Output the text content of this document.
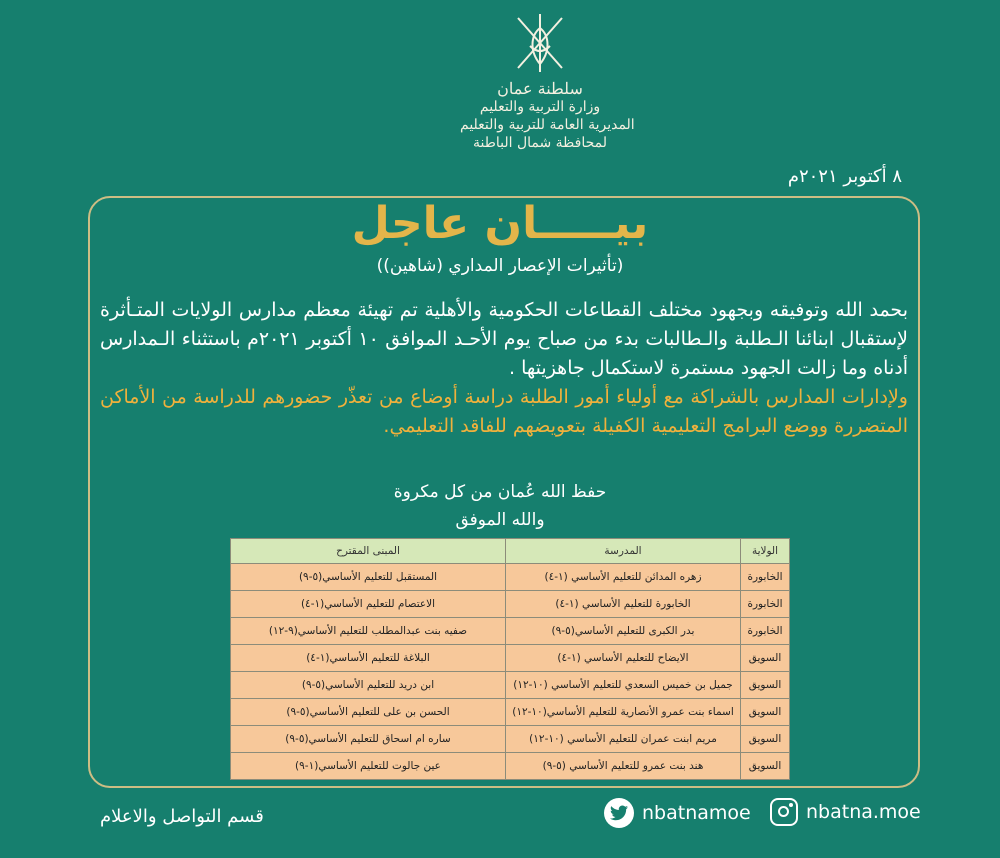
سلطنة عمان
وزارة التربية والتعليم
المديرية العامة للتربية والتعليم
لمحافظة شمال الباطنة
٨ أكتوبر ٢٠٢١م
بيـــــان عاجل
(تأثيرات الإعصار المداري (شاهين))

بحمد الله وتوفيقه وبجهود مختلف القطاعات الحكومية والأهلية تم تهيئة معظم مدارس الولايات المتـأثرة لإستقبال ابنائنا الـطلبة والـطالبات بدء من صباح يوم الأحـد الموافق ١٠ أكتوبر ٢٠٢١م باستثناء الـمدارس أدناه وما زالت الجهود مستمرة لاستكمال جاهزيتها .

ولإدارات المدارس بالشراكة مع أولياء أمور الطلبة دراسة أوضاع من تعذّر حضورهم للدراسة من الأماكن المتضررة ووضع البرامج التعليمية الكفيلة بتعويضهم للفاقد التعليمي.

حفظ الله عُمان من كل مكروة
والله الموفق
الولاية	المدرسة	المبنى المقترح
الخابورة	زهره المدائن للتعليم الأساسي (١-٤)	المستقبل للتعليم الأساسي(٥-٩)
الخابورة	الخابورة للتعليم الأساسي (١-٤)	الاعتصام للتعليم الأساسي(١-٤)
الخابورة	بدر الكبرى للتعليم الأساسي(٥-٩)	صفيه بنت عبدالمطلب للتعليم الأساسي(٩-١٢)
السويق	الايضاح للتعليم الأساسي (١-٤)	البلاغة للتعليم الأساسي(١-٤)
السويق	جميل بن خميس السعدي للتعليم الأساسي (١٠-١٢)	ابن دريد للتعليم الأساسي(٥-٩)
السويق	اسماء بنت عمرو الأنصارية للتعليم الأساسي(١٠-١٢)	الحسن بن على للتعليم الأساسي(٥-٩)
السويق	مريم ابنت عمران للتعليم الأساسي (١٠-١٢)	ساره ام اسحاق للتعليم الأساسي(٥-٩)
السويق	هند بنت عمرو للتعليم الأساسي (٥-٩)	عين جالوت للتعليم الأساسي(١-٩)
قسم التواصل والاعلام	nbatnamoe	nbatna.moe
